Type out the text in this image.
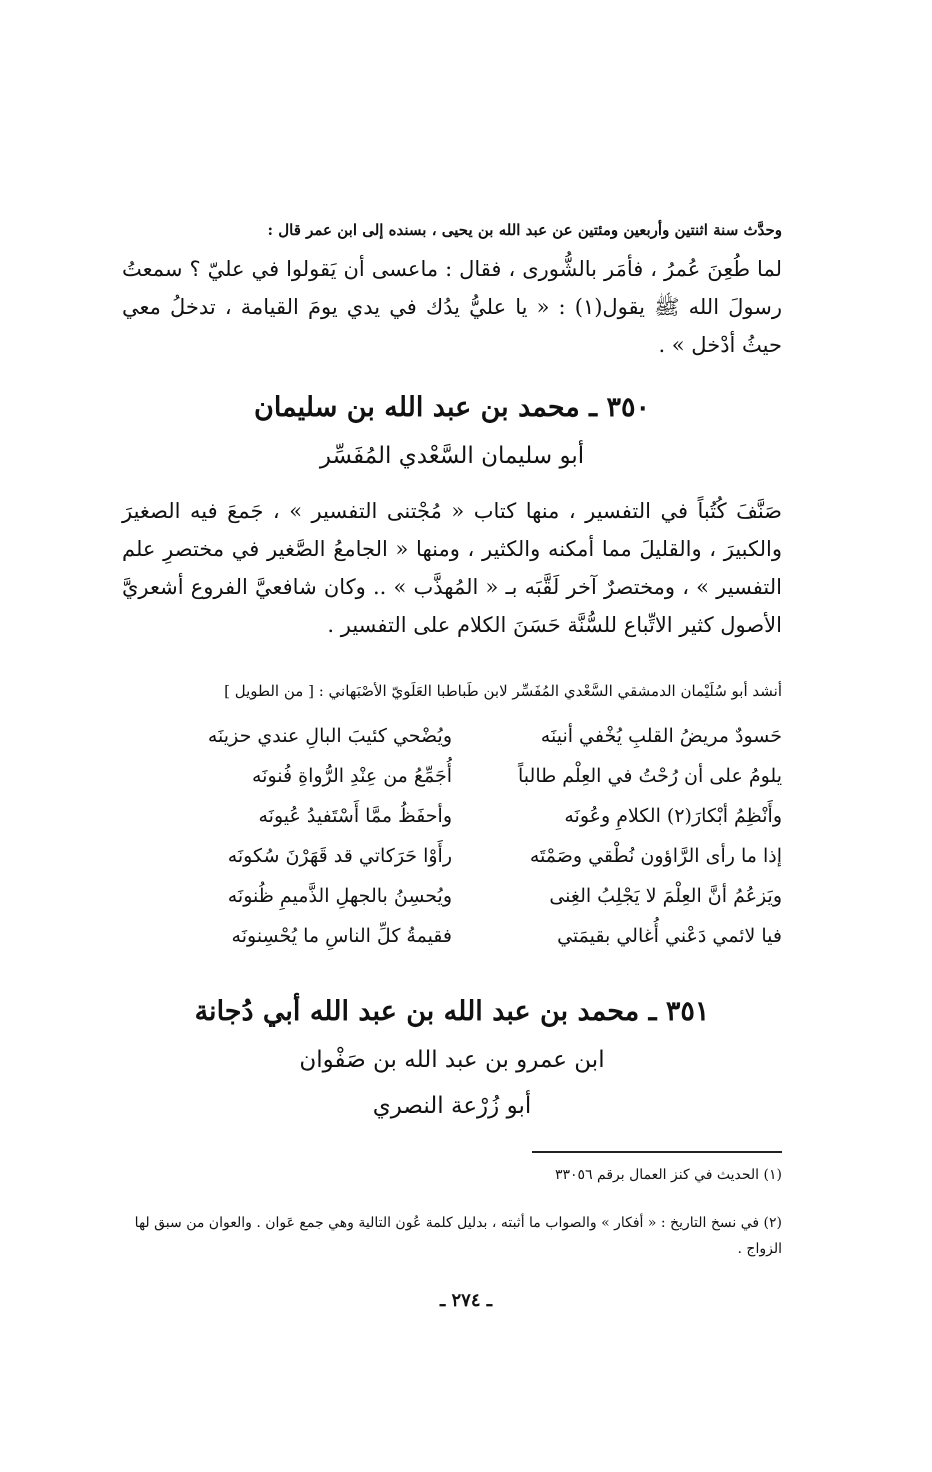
وحدَّث سنة اثنتين وأربعين ومئتين عن عبد الله بن يحيى ، بسنده إلى ابن عمر قال :
لما طُعِنَ عُمرُ ، فأمَر بالشُّورى ، فقال : ماعسى أن يَقولوا في عليّ ؟ سمعتُ رسولَ الله ﷺ يقول(١) : « يا عليُّ يدُك في يدي يومَ القيامة ، تدخلُ معي حيثُ أدْخل » .
٣٥٠ ـ محمد بن عبد الله بن سليمان
أبو سليمان السَّعْدي المُفَسِّر
صَنَّفَ كُتُباً في التفسير ، منها كتاب « مُجْتنى التفسير » ، جَمعَ فيه الصغيرَ والكبيرَ ، والقليلَ مما أمكنه والكثير ، ومنها « الجامعُ الصَّغير في مختصرِ علم التفسير » ، ومختصرٌ آخر لَقَّبَه بـ « المُهذَّب » .. وكان شافعيَّ الفروع أشعريَّ الأصول كثير الاتِّباع للسُّنَّة حَسَنَ الكلام على التفسير .
أنشد أبو سُلَيْمان الدمشقي السَّعْدي المُفَسِّر لابن طَباطبا العَلَويّ الأصْبَهاني : [ من الطويل ]
حَسودٌ مريضُ القلبِ يُخْفي أنينَه
ويُضْحي كئيبَ البالِ عندي حزينَه
يلومُ على أن رُحْتُ في العِلْم طالباً
أُجَمِّعُ من عِنْدِ الرُّواةِ فُنونَه
وأَنْظِمُ أبْكارَ(٢) الكلامِ وعُونَه
وأحفَظُ ممَّا أَسْتَفيدُ عُيونَه
إذا ما رأى الرَّاؤون نُطْقي وصَمْتَه
رأَوْا حَرَكاتي قد قَهَرْنَ سُكونَه
ويَزعُمُ أنَّ العِلْمَ لا يَجْلِبُ الغِنى
ويُحسِنُ بالجهلِ الذَّميمِ ظُنونَه
فيا لائمي دَعْني أُغالي بقيمَتي
فقيمةُ كلِّ الناسِ ما يُحْسِنونَه
٣٥١ ـ محمد بن عبد الله بن عبد الله أبي دُجانة
ابن عمرو بن عبد الله بن صَفْوان
أبو زُرْعة النصري
(١) الحديث في كنز العمال برقم ٣٣٠٥٦
(٢) في نسخ التاريخ : « أفكار » والصواب ما أثبته ، بدليل كلمة عُون التالية وهي جمع عَوان . والعوان من سبق لها الزواج .
ـ ٢٧٤ ـ
